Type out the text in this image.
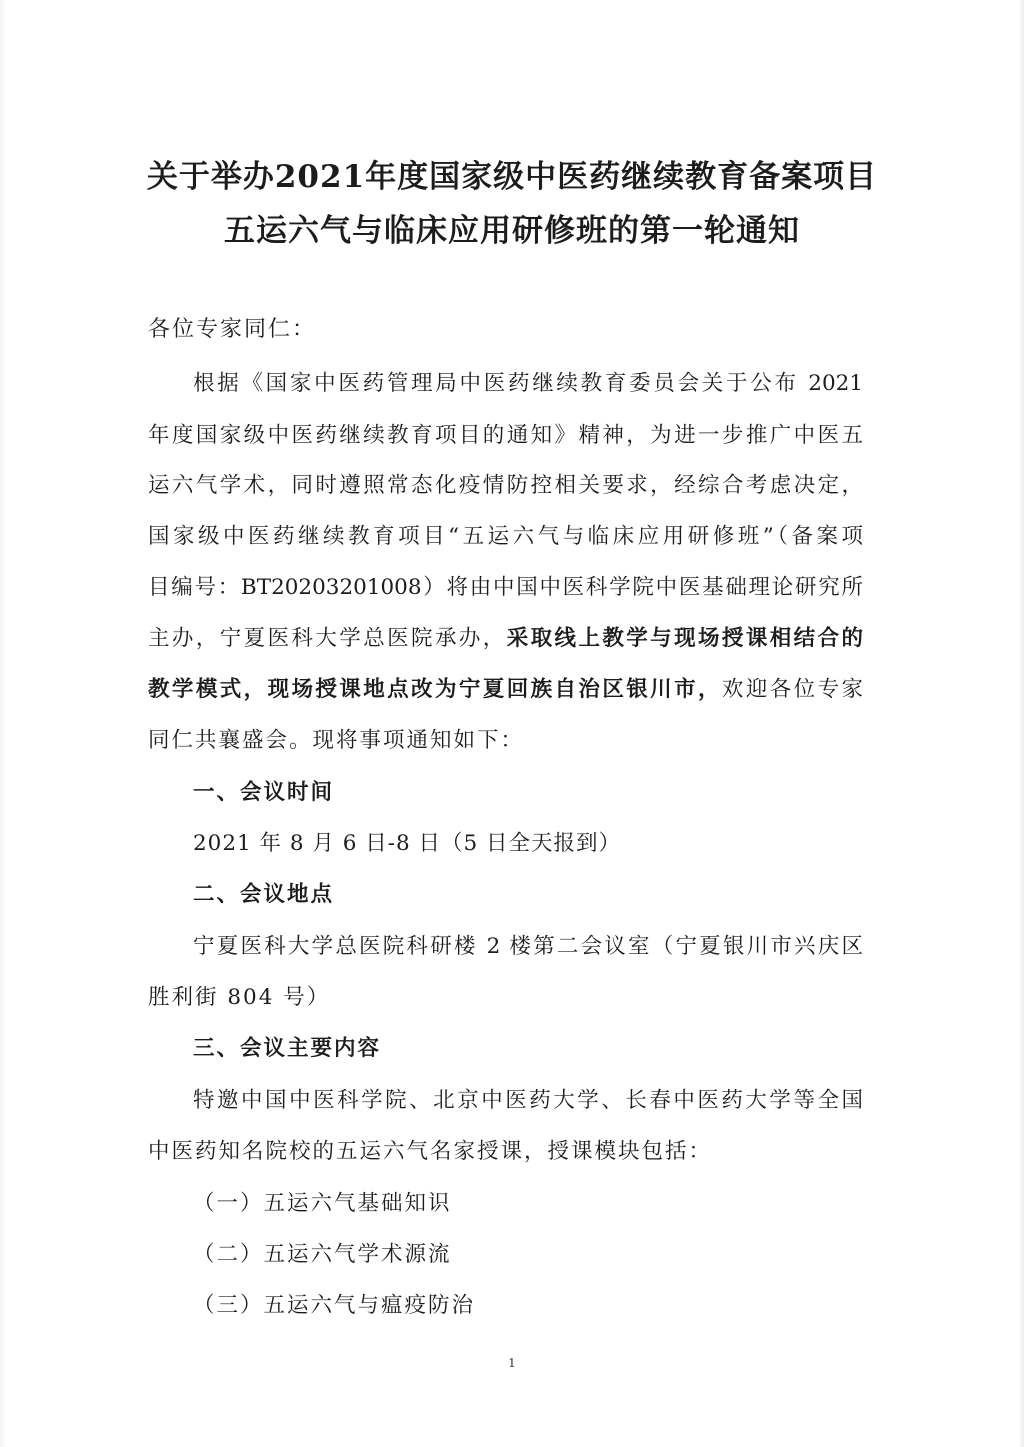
关于举办2021年度国家级中医药继续教育备案项目
五运六气与临床应用研修班的第一轮通知
各位专家同仁：
根据《国家中医药管理局中医药继续教育委员会关于公布 2021
年度国家级中医药继续教育项目的通知》精神，为进一步推广中医五
运六气学术，同时遵照常态化疫情防控相关要求，经综合考虑决定，
国家级中医药继续教育项目“五运六气与临床应用研修班”（备案项
目编号：BT20203201008）将由中国中医科学院中医基础理论研究所
主办，宁夏医科大学总医院承办，采取线上教学与现场授课相结合的
教学模式，现场授课地点改为宁夏回族自治区银川市，欢迎各位专家
同仁共襄盛会。现将事项通知如下：
一、会议时间
2021 年 8 月 6 日-8 日（5 日全天报到）
二、会议地点
宁夏医科大学总医院科研楼 2 楼第二会议室（宁夏银川市兴庆区
胜利街 804 号）
三、会议主要内容
特邀中国中医科学院、北京中医药大学、长春中医药大学等全国
中医药知名院校的五运六气名家授课，授课模块包括：
（一）五运六气基础知识
（二）五运六气学术源流
（三）五运六气与瘟疫防治
1
